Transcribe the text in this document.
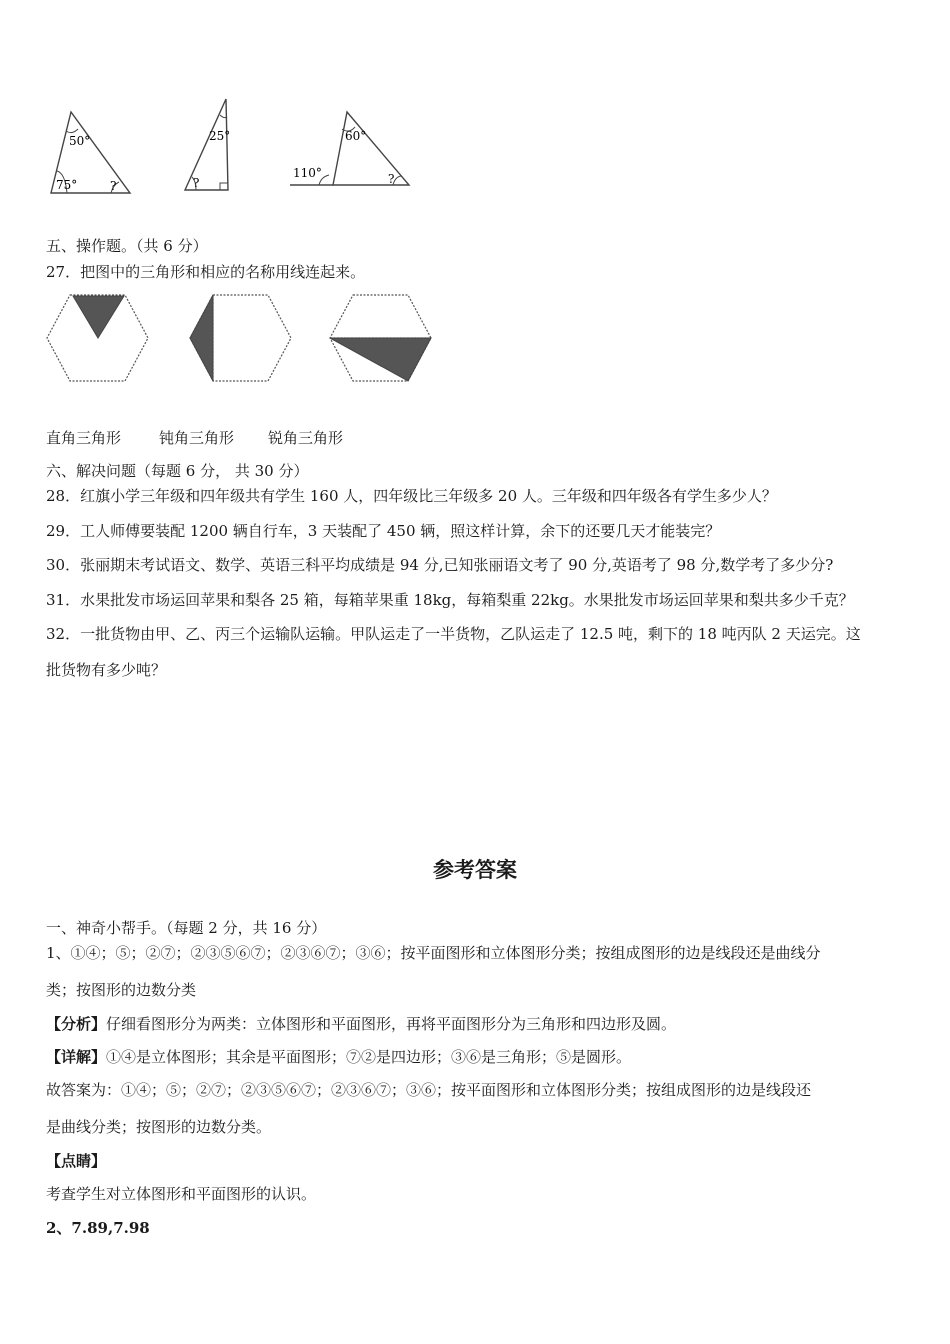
50°
75°	?
25°
?
60°
110°	?
五、操作题。（共 6 分）
27．把图中的三角形和相应的名称用线连起来。
直角三角形	钝角三角形 锐角三角形
六、解决问题（每题 6 分， 共 30 分）
28．红旗小学三年级和四年级共有学生 160 人，四年级比三年级多 20 人。三年级和四年级各有学生多少人？
29．工人师傅要装配 1200 辆自行车，3 天装配了 450 辆，照这样计算，余下的还要几天才能装完？
30．张丽期末考试语文、数学、英语三科平均成绩是 94 分,已知张丽语文考了 90 分,英语考了 98 分,数学考了多少分?
31．水果批发市场运回苹果和梨各 25 箱，每箱苹果重 18kg，每箱梨重 22kg。水果批发市场运回苹果和梨共多少千克？
32．一批货物由甲、乙、丙三个运输队运输。甲队运走了一半货物，乙队运走了 12.5 吨，剩下的 18 吨丙队 2 天运完。这
批货物有多少吨？
参考答案
一、神奇小帮手。（每题 2 分，共 16 分）
1、①④；⑤；②⑦；②③⑤⑥⑦；②③⑥⑦；③⑥；按平面图形和立体图形分类；按组成图形的边是线段还是曲线分
类；按图形的边数分类
【分析】仔细看图形分为两类：立体图形和平面图形，再将平面图形分为三角形和四边形及圆。
【详解】①④是立体图形；其余是平面图形；⑦②是四边形；③⑥是三角形；⑤是圆形。
故答案为：①④；⑤；②⑦；②③⑤⑥⑦；②③⑥⑦；③⑥；按平面图形和立体图形分类；按组成图形的边是线段还
是曲线分类；按图形的边数分类。
【点睛】
考查学生对立体图形和平面图形的认识。
2、7.89,7.98
